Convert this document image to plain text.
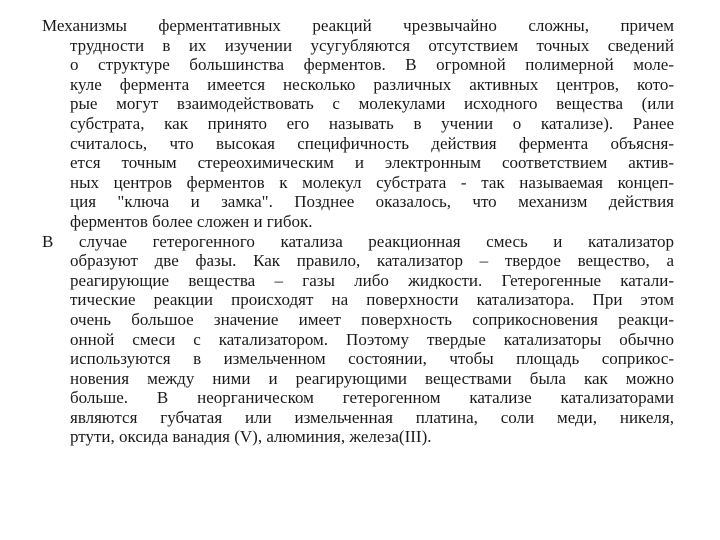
Механизмы ферментативных реакций чрезвычайно сложны, причем
трудности в их изучении усугубляются отсутствием точных сведений
о структуре большинства ферментов. В огромной полимерной моле-
куле фермента имеется несколько различных активных центров, кото-
рые могут взаимодействовать с молекулами исходного вещества (или
субстрата, как принято его называть в учении о катализе). Ранее
считалось, что высокая специфичность действия фермента объясня-
ется точным стереохимическим и электронным соответствием актив-
ных цeнтров ферментов к молекул субстрата - так называемая концеп-
ция "ключа и замка". Позднее оказалось, что механизм действия
ферментов более сложен и гибок.
В случае гетерогенного катализа реакционная смесь и катализатор
образуют две фазы. Как правило, катализатор – твердое вещество, а
реагирующие вещества – газы либо жидкости. Гетерогенные катали-
тические реакции происходят на поверхности катализатора. При этом
очень большое значение имеет поверхность соприкосновения реакци-
онной смеси с катализатором. Поэтому твердые катализаторы обычно
используются в измельченном состоянии, чтобы площадь соприкос-
новения между ними и реагирующими веществами была как можно
больше. В неорганическом гетерогенном катализе катализаторами
являются губчатая или измельченная платина, соли меди, никеля,
ртути, оксида ванадия (V), алюминия, железа(III).
